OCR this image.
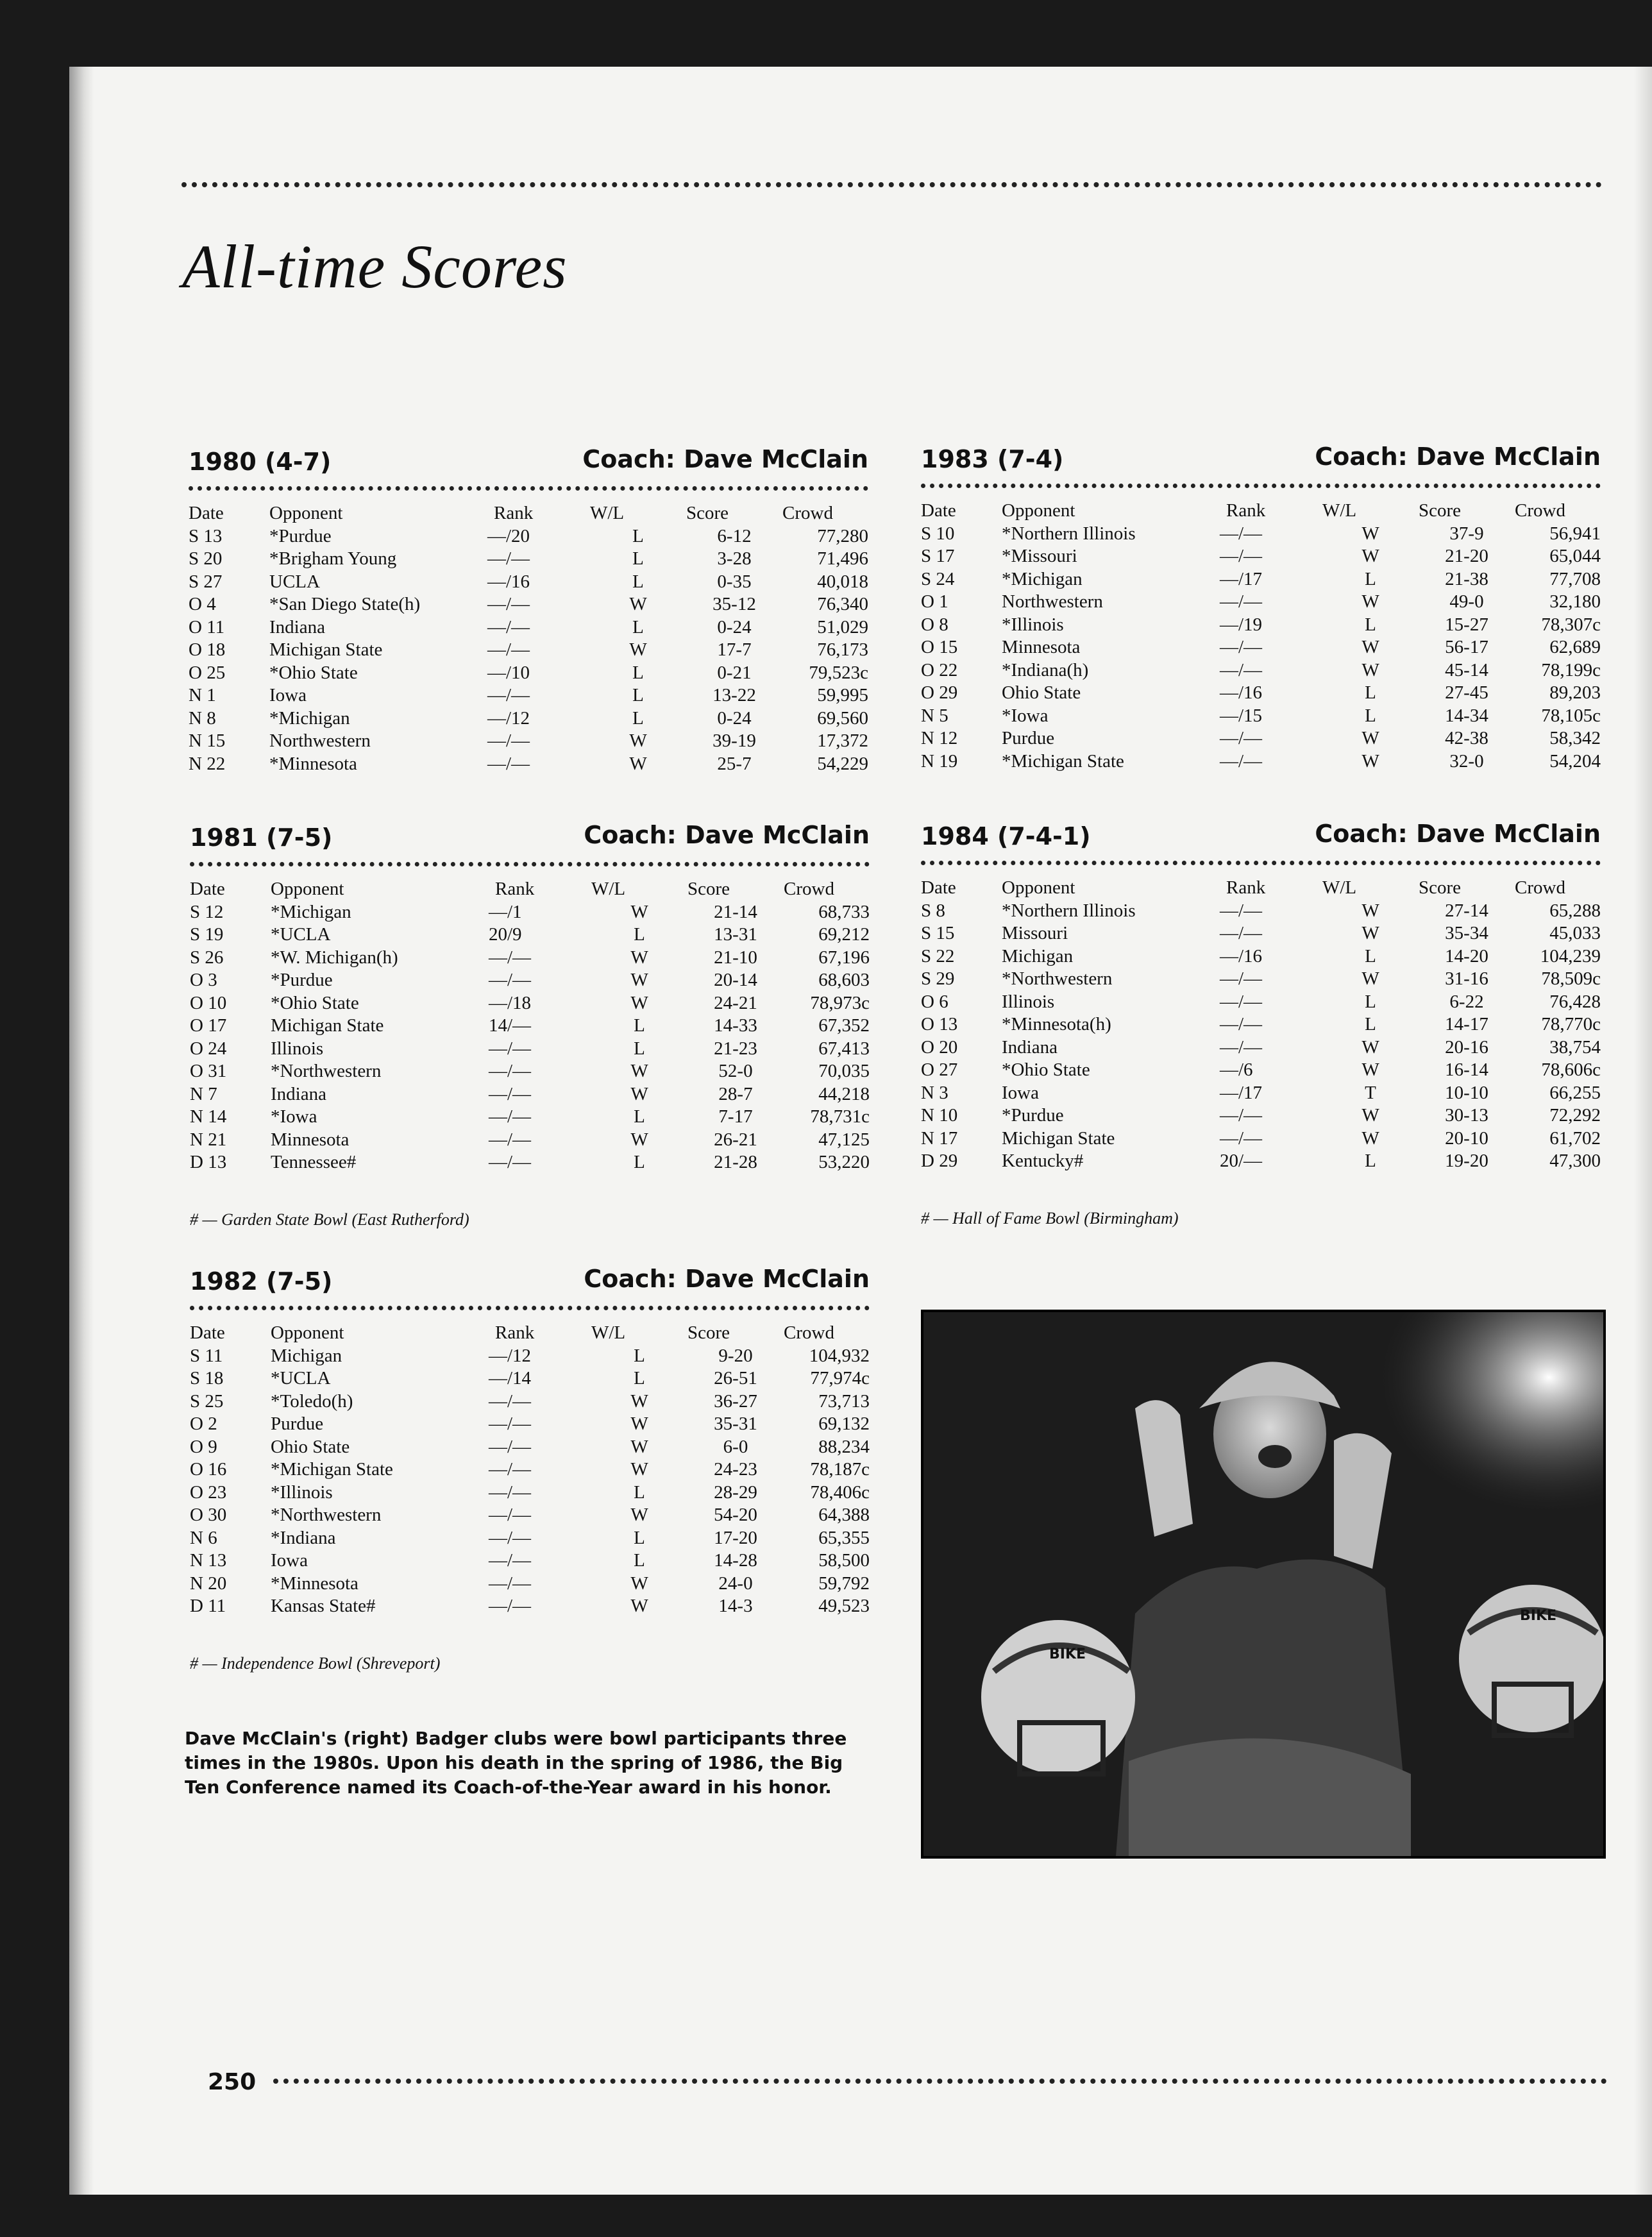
All-time Scores
1980 (4-7)	Coach: Dave McClain
Date	Opponent	Rank	W/L	Score	Crowd
S 13	*Purdue	—/20	L	6-12	77,280
S 20	*Brigham Young	—/—	L	3-28	71,496
S 27	UCLA	—/16	L	0-35	40,018
O 4	*San Diego State(h)	—/—	W	35-12	76,340
O 11	Indiana	—/—	L	0-24	51,029
O 18	Michigan State	—/—	W	17-7	76,173
O 25	*Ohio State	—/10	L	0-21	79,523c
N 1	Iowa	—/—	L	13-22	59,995
N 8	*Michigan	—/12	L	0-24	69,560
N 15	Northwestern	—/—	W	39-19	17,372
N 22	*Minnesota	—/—	W	25-7	54,229
1983 (7-4)	Coach: Dave McClain
Date	Opponent	Rank	W/L	Score	Crowd
S 10	*Northern Illinois	—/—	W	37-9	56,941
S 17	*Missouri	—/—	W	21-20	65,044
S 24	*Michigan	—/17	L	21-38	77,708
O 1	Northwestern	—/—	W	49-0	32,180
O 8	*Illinois	—/19	L	15-27	78,307c
O 15	Minnesota	—/—	W	56-17	62,689
O 22	*Indiana(h)	—/—	W	45-14	78,199c
O 29	Ohio State	—/16	L	27-45	89,203
N 5	*Iowa	—/15	L	14-34	78,105c
N 12	Purdue	—/—	W	42-38	58,342
N 19	*Michigan State	—/—	W	32-0	54,204
1981 (7-5)	Coach: Dave McClain
Date	Opponent	Rank	W/L	Score	Crowd
S 12	*Michigan	—/1	W	21-14	68,733
S 19	*UCLA	20/9	L	13-31	69,212
S 26	*W. Michigan(h)	—/—	W	21-10	67,196
O 3	*Purdue	—/—	W	20-14	68,603
O 10	*Ohio State	—/18	W	24-21	78,973c
O 17	Michigan State	14/—	L	14-33	67,352
O 24	Illinois	—/—	L	21-23	67,413
O 31	*Northwestern	—/—	W	52-0	70,035
N 7	Indiana	—/—	W	28-7	44,218
N 14	*Iowa	—/—	L	7-17	78,731c
N 21	Minnesota	—/—	W	26-21	47,125
D 13	Tennessee#	—/—	L	21-28	53,220
# — Garden State Bowl (East Rutherford)
1984 (7-4-1)	Coach: Dave McClain
Date	Opponent	Rank	W/L	Score	Crowd
S 8	*Northern Illinois	—/—	W	27-14	65,288
S 15	Missouri	—/—	W	35-34	45,033
S 22	Michigan	—/16	L	14-20	104,239
S 29	*Northwestern	—/—	W	31-16	78,509c
O 6	Illinois	—/—	L	6-22	76,428
O 13	*Minnesota(h)	—/—	L	14-17	78,770c
O 20	Indiana	—/—	W	20-16	38,754
O 27	*Ohio State	—/6	W	16-14	78,606c
N 3	Iowa	—/17	T	10-10	66,255
N 10	*Purdue	—/—	W	30-13	72,292
N 17	Michigan State	—/—	W	20-10	61,702
D 29	Kentucky#	20/—	L	19-20	47,300
# — Hall of Fame Bowl (Birmingham)
1982 (7-5)	Coach: Dave McClain
Date	Opponent	Rank	W/L	Score	Crowd
S 11	Michigan	—/12	L	9-20	104,932
S 18	*UCLA	—/14	L	26-51	77,974c
S 25	*Toledo(h)	—/—	W	36-27	73,713
O 2	Purdue	—/—	W	35-31	69,132
O 9	Ohio State	—/—	W	6-0	88,234
O 16	*Michigan State	—/—	W	24-23	78,187c
O 23	*Illinois	—/—	L	28-29	78,406c
O 30	*Northwestern	—/—	W	54-20	64,388
N 6	*Indiana	—/—	L	17-20	65,355
N 13	Iowa	—/—	L	14-28	58,500
N 20	*Minnesota	—/—	W	24-0	59,792
D 11	Kansas State#	—/—	W	14-3	49,523
# — Independence Bowl (Shreveport)	BIKE
BIKE
Dave McClain's (right) Badger clubs were bowl participants three times in the 1980s. Upon his death in the spring of 1986, the Big Ten Conference named its Coach-of-the-Year award in his honor.
250
